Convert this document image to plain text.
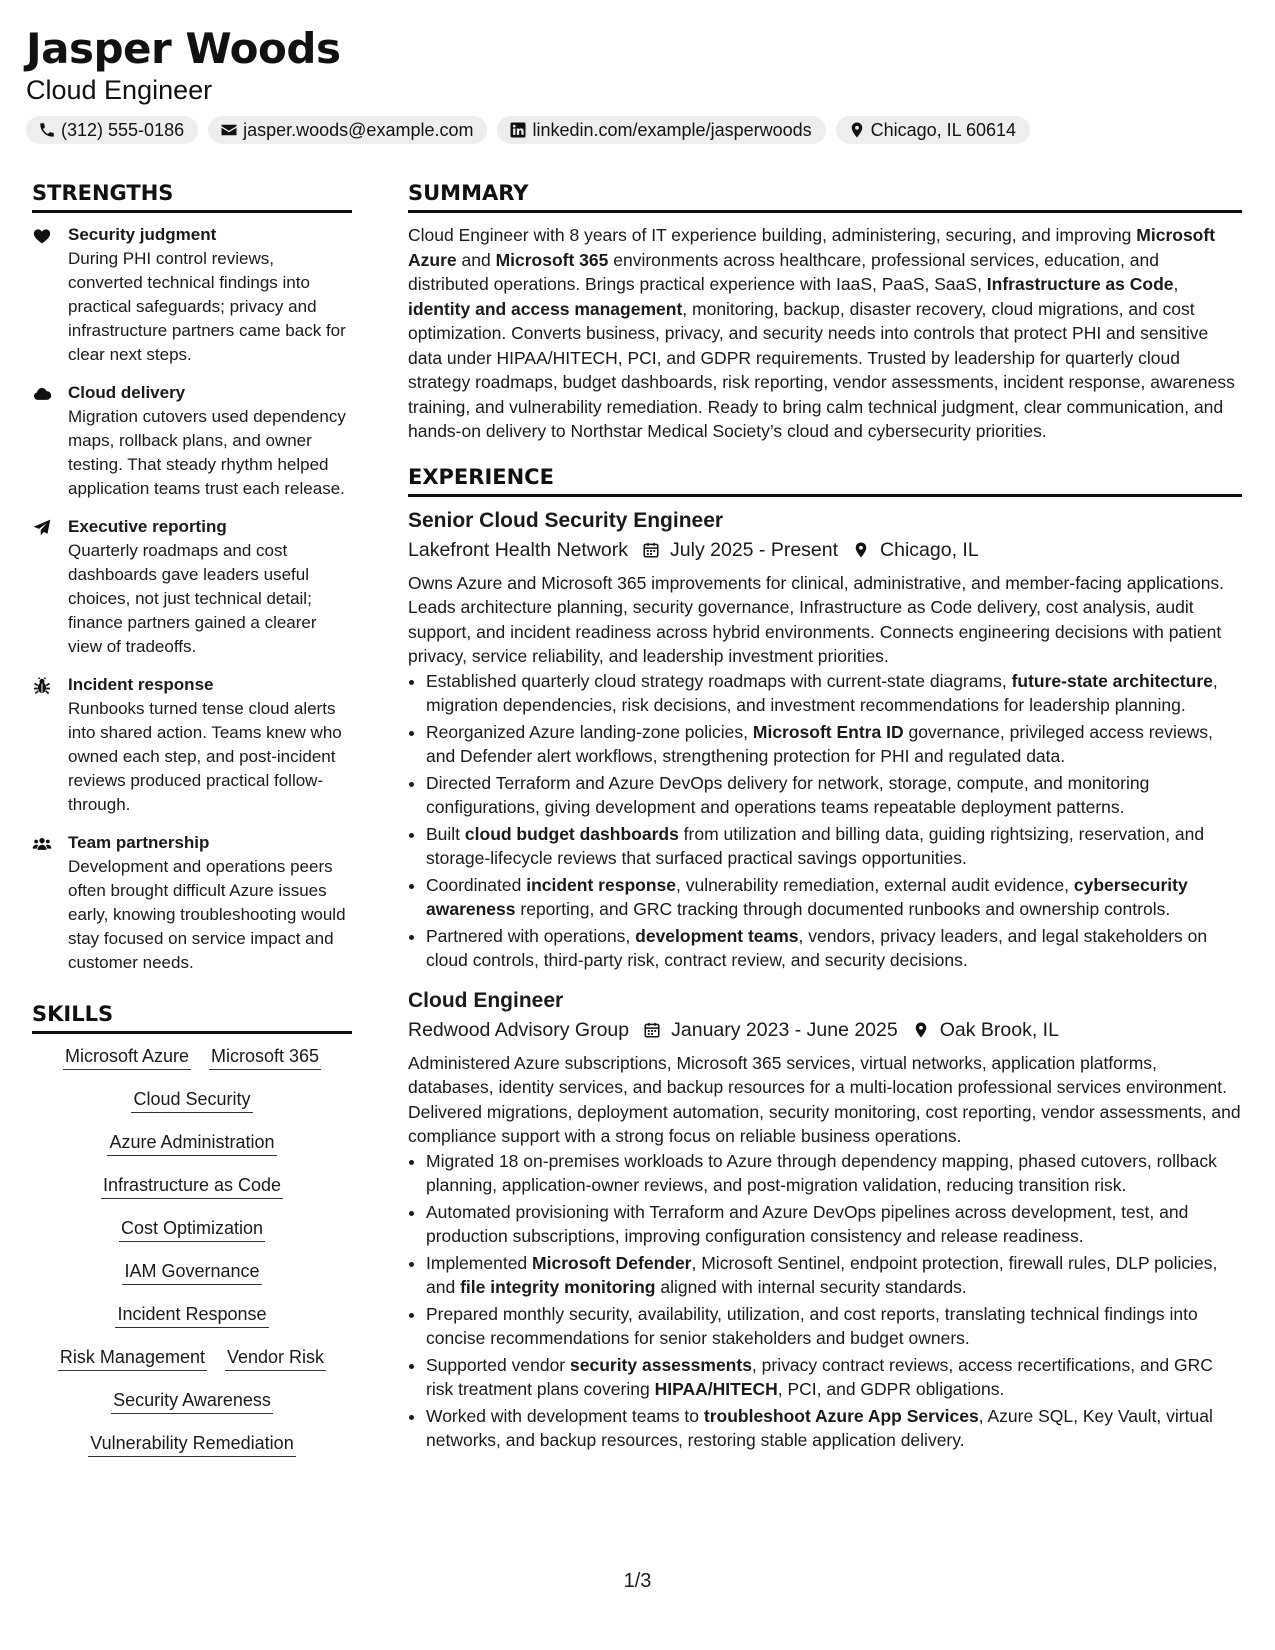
Jasper Woods
Cloud Engineer
(312) 555-0186	jasper.woods@example.com	linkedin.com/example/jasperwoods	Chicago, IL 60614
STRENGTHS
Security judgment
During PHI control reviews, converted technical findings into practical safeguards; privacy and infrastructure partners came back for clear next steps.
Cloud delivery
Migration cutovers used dependency maps, rollback plans, and owner testing. That steady rhythm helped application teams trust each release.
Executive reporting
Quarterly roadmaps and cost dashboards gave leaders useful choices, not just technical detail; finance partners gained a clearer view of tradeoffs.
Incident response
Runbooks turned tense cloud alerts into shared action. Teams knew who owned each step, and post-incident reviews produced practical follow-through.
Team partnership
Development and operations peers often brought difficult Azure issues early, knowing troubleshooting would stay focused on service impact and customer needs.
SKILLS
Microsoft Azure Microsoft 365
Cloud Security
Azure Administration
Infrastructure as Code
Cost Optimization
IAM Governance
Incident Response
Risk Management Vendor Risk
Security Awareness
Vulnerability Remediation
SUMMARY
Cloud Engineer with 8 years of IT experience building, administering, securing, and improving Microsoft Azure and Microsoft 365 environments across healthcare, professional services, education, and distributed operations. Brings practical experience with IaaS, PaaS, SaaS, Infrastructure as Code, identity and access management, monitoring, backup, disaster recovery, cloud migrations, and cost optimization. Converts business, privacy, and security needs into controls that protect PHI and sensitive data under HIPAA/HITECH, PCI, and GDPR requirements. Trusted by leadership for quarterly cloud strategy roadmaps, budget dashboards, risk reporting, vendor assessments, incident response, awareness training, and vulnerability remediation. Ready to bring calm technical judgment, clear communication, and hands-on delivery to Northstar Medical Society’s cloud and cybersecurity priorities.
EXPERIENCE
Senior Cloud Security Engineer
Lakefront Health Network July 2025 - Present Chicago, IL
Owns Azure and Microsoft 365 improvements for clinical, administrative, and member-facing applications. Leads architecture planning, security governance, Infrastructure as Code delivery, cost analysis, audit support, and incident readiness across hybrid environments. Connects engineering decisions with patient privacy, service reliability, and leadership investment priorities.
• Established quarterly cloud strategy roadmaps with current-state diagrams, future-state architecture, migration dependencies, risk decisions, and investment recommendations for leadership planning.
• Reorganized Azure landing-zone policies, Microsoft Entra ID governance, privileged access reviews, and Defender alert workflows, strengthening protection for PHI and regulated data.
• Directed Terraform and Azure DevOps delivery for network, storage, compute, and monitoring configurations, giving development and operations teams repeatable deployment patterns.
• Built cloud budget dashboards from utilization and billing data, guiding rightsizing, reservation, and storage-lifecycle reviews that surfaced practical savings opportunities.
• Coordinated incident response, vulnerability remediation, external audit evidence, cybersecurity awareness reporting, and GRC tracking through documented runbooks and ownership controls.
• Partnered with operations, development teams, vendors, privacy leaders, and legal stakeholders on cloud controls, third-party risk, contract review, and security decisions.
Cloud Engineer
Redwood Advisory Group January 2023 - June 2025 Oak Brook, IL
Administered Azure subscriptions, Microsoft 365 services, virtual networks, application platforms, databases, identity services, and backup resources for a multi-location professional services environment. Delivered migrations, deployment automation, security monitoring, cost reporting, vendor assessments, and compliance support with a strong focus on reliable business operations.
• Migrated 18 on-premises workloads to Azure through dependency mapping, phased cutovers, rollback planning, application-owner reviews, and post-migration validation, reducing transition risk.
• Automated provisioning with Terraform and Azure DevOps pipelines across development, test, and production subscriptions, improving configuration consistency and release readiness.
• Implemented Microsoft Defender, Microsoft Sentinel, endpoint protection, firewall rules, DLP policies, and file integrity monitoring aligned with internal security standards.
• Prepared monthly security, availability, utilization, and cost reports, translating technical findings into concise recommendations for senior stakeholders and budget owners.
• Supported vendor security assessments, privacy contract reviews, access recertifications, and GRC risk treatment plans covering HIPAA/HITECH, PCI, and GDPR obligations.
• Worked with development teams to troubleshoot Azure App Services, Azure SQL, Key Vault, virtual networks, and backup resources, restoring stable application delivery.
1/3
